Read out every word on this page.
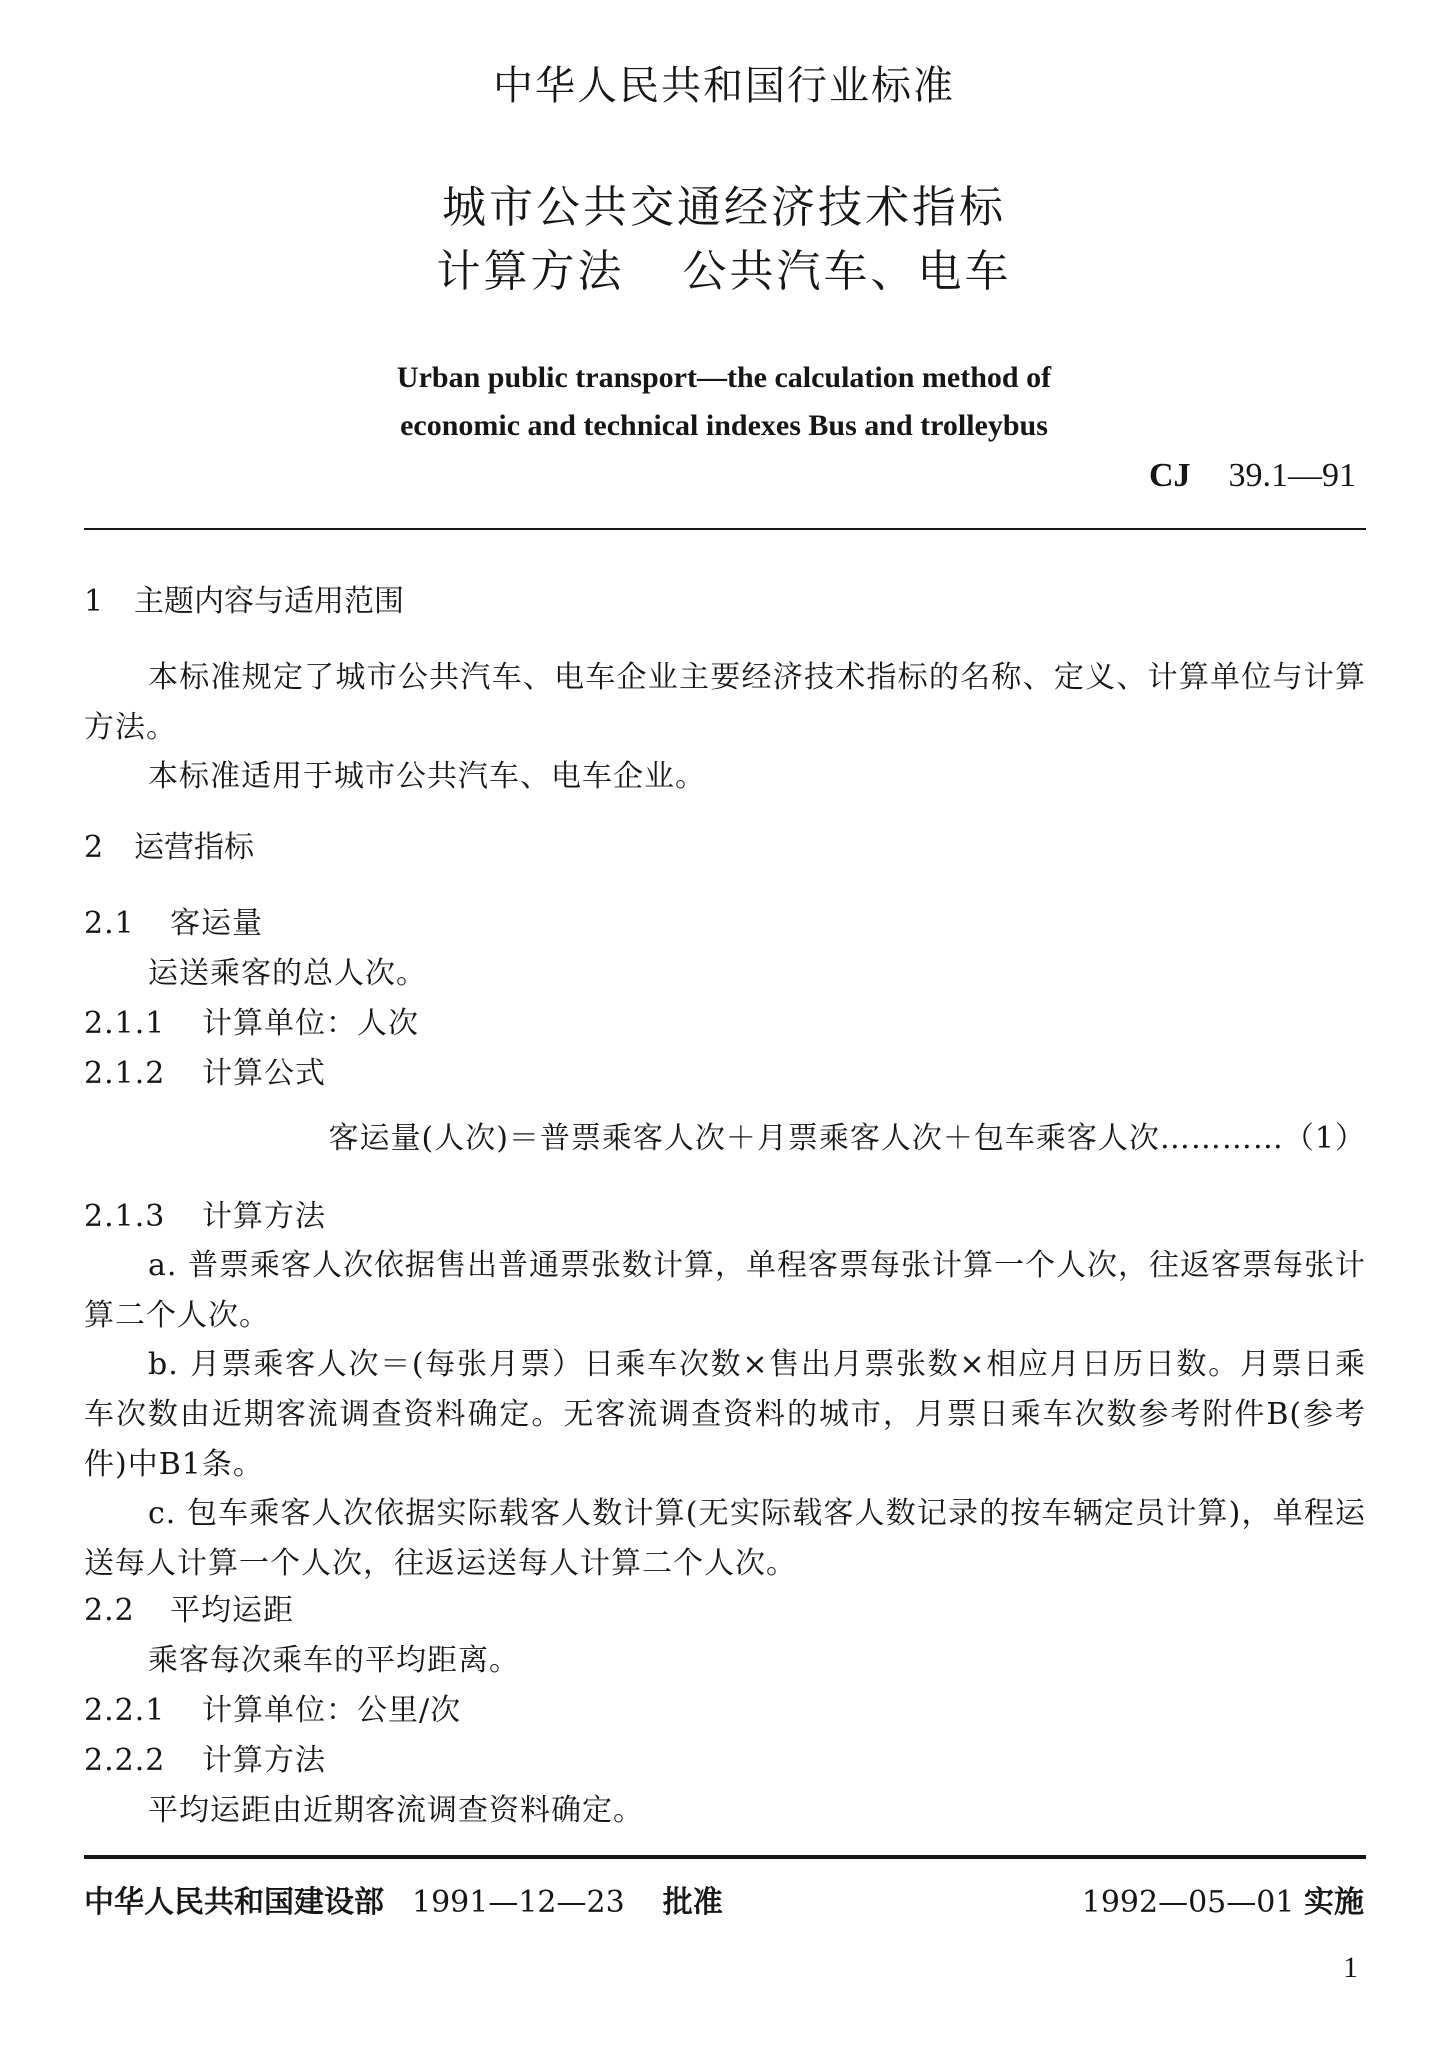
中华人民共和国行业标准
城市公共交通经济技术指标
计算方法 公共汽车、电车
Urban public transport—the calculation method of
economic and technical indexes Bus and trolleybus
CJ 39.1—91
1 主题内容与适用范围
本标准规定了城市公共汽车、电车企业主要经济技术指标的名称、定义、计算单位与计算方法。
本标准适用于城市公共汽车、电车企业。
2 运营指标
2.1 客运量
运送乘客的总人次。
2.1.1 计算单位：人次
2.1.2 计算公式
客运量(人次)＝普票乘客人次＋月票乘客人次＋包车乘客人次…………（1）
2.1.3 计算方法
a. 普票乘客人次依据售出普通票张数计算，单程客票每张计算一个人次，往返客票每张计算二个人次。
b. 月票乘客人次＝(每张月票）日乘车次数×售出月票张数×相应月日历日数。月票日乘车次数由近期客流调查资料确定。无客流调查资料的城市，月票日乘车次数参考附件B(参考件)中B1条。
c. 包车乘客人次依据实际载客人数计算(无实际载客人数记录的按车辆定员计算)，单程运送每人计算一个人次，往返运送每人计算二个人次。
2.2 平均运距
乘客每次乘车的平均距离。
2.2.1 计算单位：公里/次
2.2.2 计算方法
平均运距由近期客流调查资料确定。
中华人民共和国建设部 1991—12—23 批准	1992—05—01 实施
1
